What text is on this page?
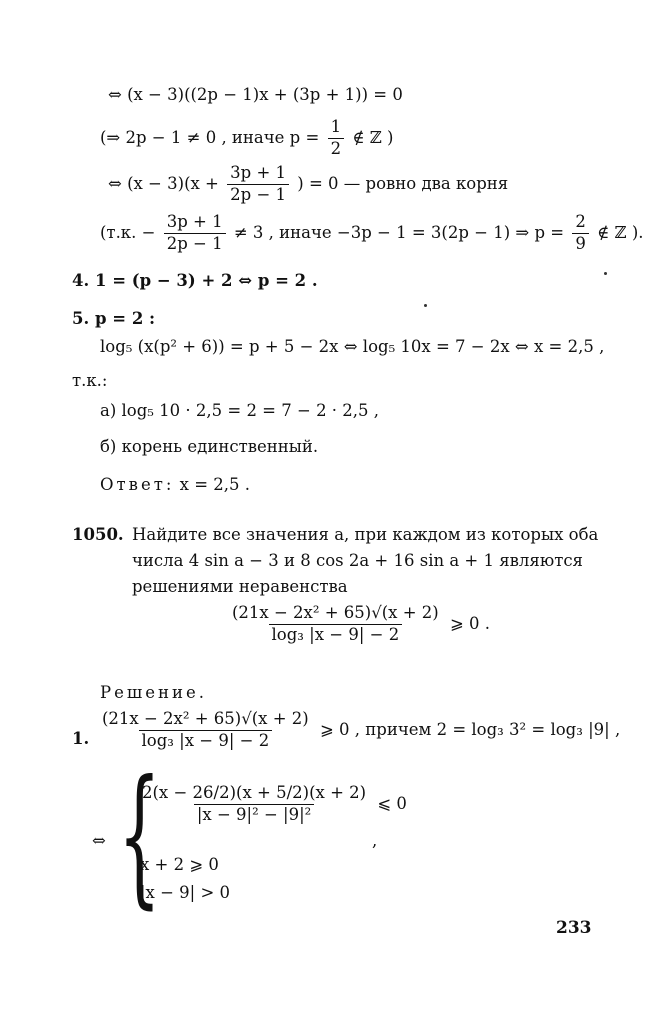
⇔ (x − 3)((2p − 1)x + (3p + 1)) = 0
(⇒ 2p − 1 ≠ 0 , иначе $p = \frac{1}{2}$ ∉ ℤ )
⇔ $(x - 3)(x + \frac{3p + 1}{2p - 1}$ ) = 0 — ровно два корня
(т.к. − $\frac{3p + 1}{2p - 1} \ne 3$ , иначе −3p − 1 = 3(2p − 1) ⇒ $p = \frac{2}{9}$ ∉ ℤ ).
4. 1 = (p − 3) + 2 ⇔ p = 2 .
5. p = 2 :
log₅ (x(p² + 6)) = p + 5 − 2x ⇔ log₅ 10x = 7 − 2x ⇔ x = 2,5 ,
т.к.:
а) log₅ 10 · 2,5 = 2 = 7 − 2 · 2,5 ,
б) корень единственный.
Ответ: x = 2,5 .
1050. Найдите все значения a, при каждом из которых оба
числа 4 sin a − 3 и 8 cos 2a + 16 sin a + 1 являются
решениями неравенства
$\frac{\text{(21x − 2x² + 65)√(x + 2)}}{\text{log₃ |x − 9| − 2}}$ ⩾ 0 .
Решение.
1. $\frac{\text{(21x − 2x² + 65)√(x + 2)}}{\text{log₃ |x − 9| − 2}}$ ⩾ 0 , причем 2 = log₃ 3² = log₃ |9| ,
⇔ {
$\frac{2(x - 26/2)(x + 5/2)(x + 2)}{\text{|x − 9|² − |9|²}}$ ⩽ 0
,
x + 2 ⩾ 0
|x − 9| > 0
233
